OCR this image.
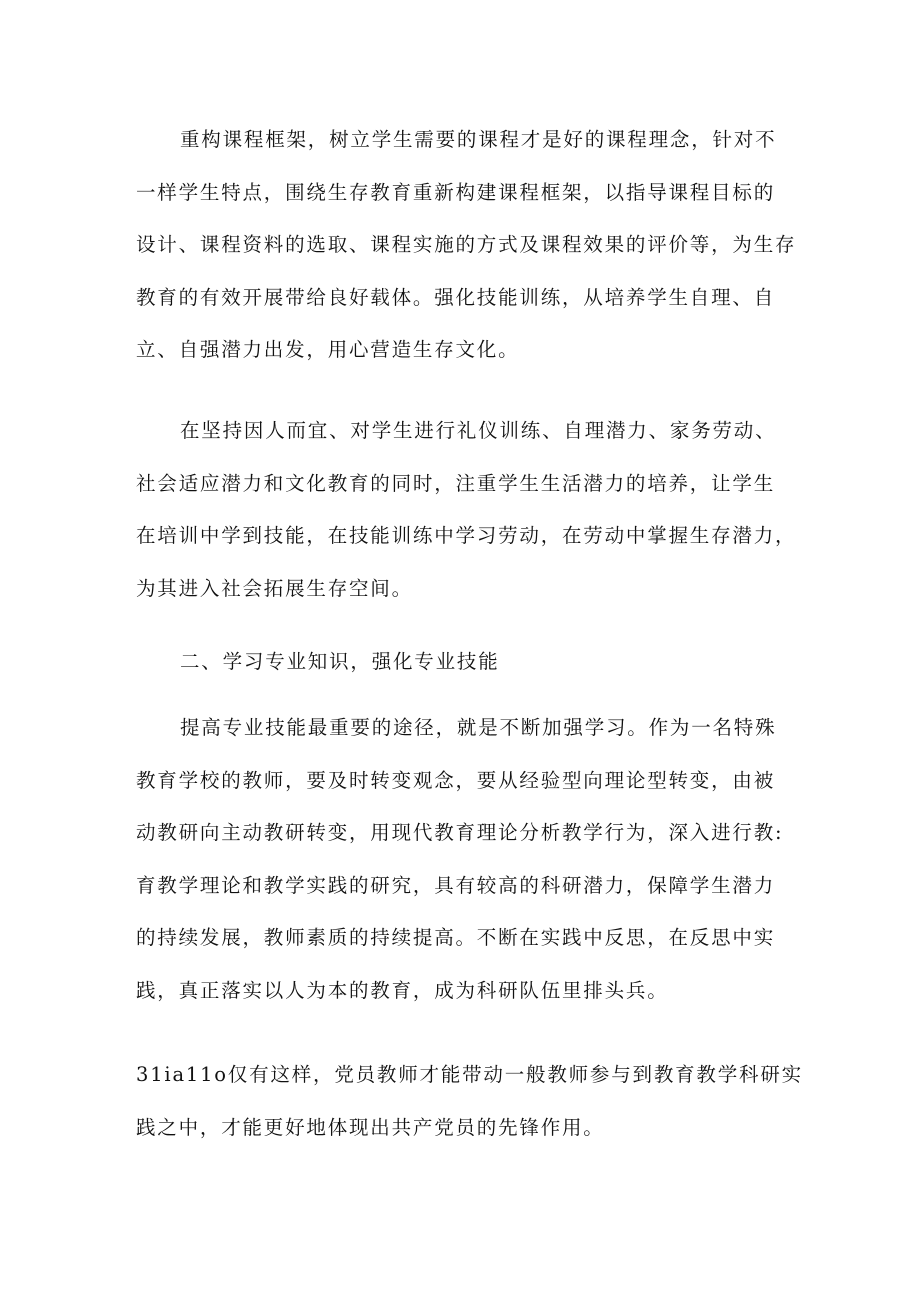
重构课程框架，树立学生需要的课程才是好的课程理念，针对不
一样学生特点，围绕生存教育重新构建课程框架，以指导课程目标的
设计、课程资料的选取、课程实施的方式及课程效果的评价等，为生存
教育的有效开展带给良好载体。强化技能训练，从培养学生自理、自
立、自强潜力出发，用心营造生存文化。

在坚持因人而宜、对学生进行礼仪训练、自理潜力、家务劳动、
社会适应潜力和文化教育的同时，注重学生生活潜力的培养，让学生
在培训中学到技能，在技能训练中学习劳动，在劳动中掌握生存潜力，
为其进入社会拓展生存空间。

二、学习专业知识，强化专业技能

提高专业技能最重要的途径，就是不断加强学习。作为一名特殊
教育学校的教师，要及时转变观念，要从经验型向理论型转变，由被
动教研向主动教研转变，用现代教育理论分析教学行为，深入进行教:
育教学理论和教学实践的研究，具有较高的科研潜力，保障学生潜力
的持续发展，教师素质的持续提高。不断在实践中反思，在反思中实
践，真正落实以人为本的教育，成为科研队伍里排头兵。

31ia11o仅有这样，党员教师才能带动一般教师参与到教育教学科研实
践之中，才能更好地体现出共产党员的先锋作用。
